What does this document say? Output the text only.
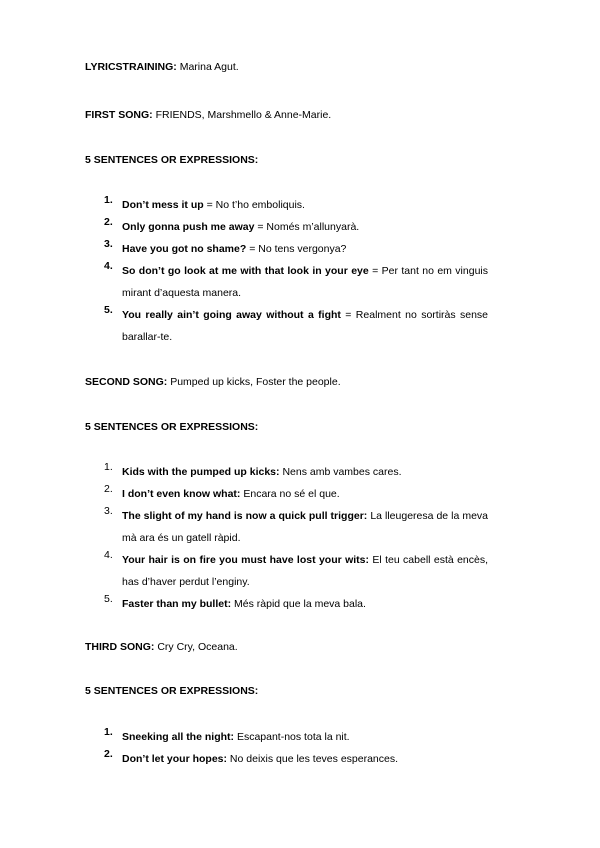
LYRICSTRAINING: Marina Agut.
FIRST SONG: FRIENDS, Marshmello & Anne-Marie.
5 SENTENCES OR EXPRESSIONS:
1. Don’t mess it up = No t’ho emboliquis.
2. Only gonna push me away = Només m’allunyarà.
3. Have you got no shame? = No tens vergonya?
4. So don’t go look at me with that look in your eye = Per tant no em vinguis mirant d’aquesta manera.
5. You really ain’t going away without a fight = Realment no sortiràs sense barallar-te.
SECOND SONG: Pumped up kicks, Foster the people.
5 SENTENCES OR EXPRESSIONS:
1. Kids with the pumped up kicks: Nens amb vambes cares.
2. I don’t even know what: Encara no sé el que.
3. The slight of my hand is now a quick pull trigger: La lleugeresa de la meva mà ara és un gatell ràpid.
4. Your hair is on fire you must have lost your wits: El teu cabell està encès, has d’haver perdut l’enginy.
5. Faster than my bullet: Més ràpid que la meva bala.
THIRD SONG: Cry Cry, Oceana.
5 SENTENCES OR EXPRESSIONS:
1. Sneeking all the night: Escapant-nos tota la nit.
2. Don’t let your hopes: No deixis que les teves esperances.
